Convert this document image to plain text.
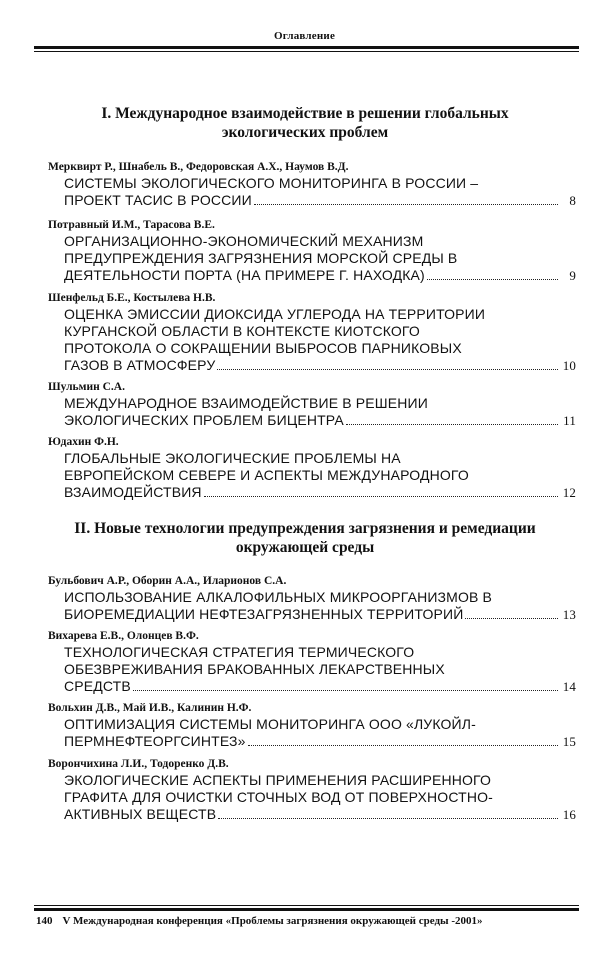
Оглавление
I. Международное взаимодействие в решении глобальных
экологических проблем
Мерквирт Р., Шнабель В., Федоровская А.Х., Наумов В.Д.
СИСТЕМЫ ЭКОЛОГИЧЕСКОГО МОНИТОРИНГА В РОССИИ –
ПРОЕКТ ТАСИС В РОССИИ	8
Потравный И.М., Тарасова В.Е.
ОРГАНИЗАЦИОННО-ЭКОНОМИЧЕСКИЙ МЕХАНИЗМ
ПРЕДУПРЕЖДЕНИЯ ЗАГРЯЗНЕНИЯ МОРСКОЙ СРЕДЫ В
ДЕЯТЕЛЬНОСТИ ПОРТА (НА ПРИМЕРЕ Г. НАХОДКА)	9
Шенфельд Б.Е., Костылева Н.В.
ОЦЕНКА ЭМИССИИ ДИОКСИДА УГЛЕРОДА НА ТЕРРИТОРИИ
КУРГАНСКОЙ ОБЛАСТИ В КОНТЕКСТЕ КИОТСКОГО
ПРОТОКОЛА О СОКРАЩЕНИИ ВЫБРОСОВ ПАРНИКОВЫХ
ГАЗОВ В АТМОСФЕРУ	10
Шульмин С.А.
МЕЖДУНАРОДНОЕ ВЗАИМОДЕЙСТВИЕ В РЕШЕНИИ
ЭКОЛОГИЧЕСКИХ ПРОБЛЕМ БИЦЕНТРА	11
Юдахин Ф.Н.
ГЛОБАЛЬНЫЕ ЭКОЛОГИЧЕСКИЕ ПРОБЛЕМЫ НА
ЕВРОПЕЙСКОМ СЕВЕРЕ И АСПЕКТЫ МЕЖДУНАРОДНОГО
ВЗАИМОДЕЙСТВИЯ	12
II. Новые технологии предупреждения загрязнения и ремедиации
окружающей среды
Бульбович А.Р., Оборин А.А., Иларионов С.А.
ИСПОЛЬЗОВАНИЕ АЛКАЛОФИЛЬНЫХ МИКРООРГАНИЗМОВ В
БИОРЕМЕДИАЦИИ НЕФТЕЗАГРЯЗНЕННЫХ ТЕРРИТОРИЙ	13
Вихарева Е.В., Олонцев В.Ф.
ТЕХНОЛОГИЧЕСКАЯ СТРАТЕГИЯ ТЕРМИЧЕСКОГО
ОБЕЗВРЕЖИВАНИЯ БРАКОВАННЫХ ЛЕКАРСТВЕННЫХ
СРЕДСТВ	14
Вольхин Д.В., Май И.В., Калинин Н.Ф.
ОПТИМИЗАЦИЯ СИСТЕМЫ МОНИТОРИНГА ООО «ЛУКОЙЛ-
ПЕРМНЕФТЕОРГСИНТЕЗ»	15
Ворончихина Л.И., Тодоренко Д.В.
ЭКОЛОГИЧЕСКИЕ АСПЕКТЫ ПРИМЕНЕНИЯ РАСШИРЕННОГО
ГРАФИТА ДЛЯ ОЧИСТКИ СТОЧНЫХ ВОД ОТ ПОВЕРХНОСТНО-
АКТИВНЫХ ВЕЩЕСТВ	16
140 V Международная конференция «Проблемы загрязнения окружающей среды -2001»
